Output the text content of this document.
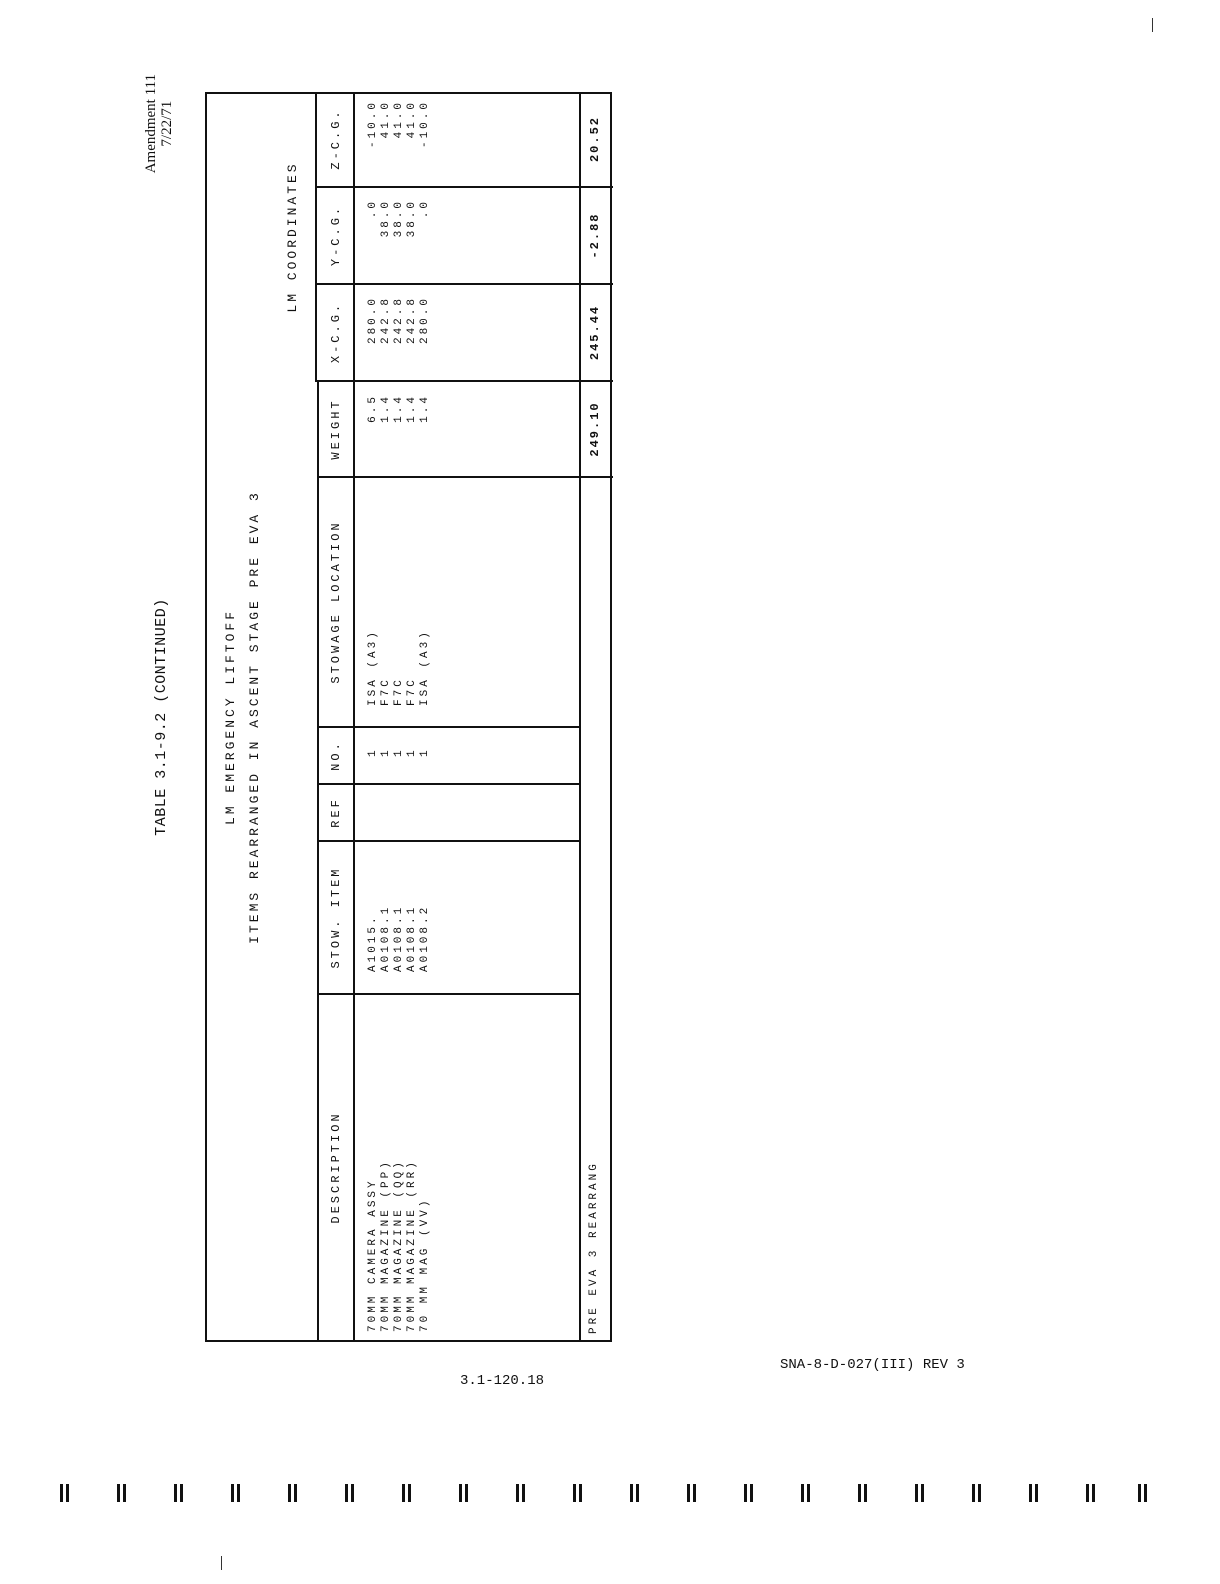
TABLE 3.1-9.2 (CONTINUED)
Amendment 111 7/22/71
LM EMERGENCY LIFTOFF ITEMS REARRANGED IN ASCENT STAGE PRE EVA 3
LM COORDINATES
DESCRIPTION
STOW. ITEM
REF
NO.
STOWAGE LOCATION
WEIGHT
X-C.G.
Y-C.G.
Z-C.G.
70MM CAMERA ASSY
A1015.
1
ISA (A3)
6.5
280.0
.0
-10.0
70MM MAGAZINE (PP)
A0108.1
1
F7C
1.4
242.8
38.0
41.0
70MM MAGAZINE (QQ)
A0108.1
1
F7C
1.4
242.8
38.0
41.0
70MM MAGAZINE (RR)
A0108.1
1
F7C
1.4
242.8
38.0
41.0
70 MM MAG (VV)
A0108.2
1
ISA (A3)
1.4
280.0
.0
-10.0
PRE EVA 3 REARRANG
249.10
245.44
-2.88
20.52
SNA-8-D-027(III) REV 3
3.1-120.18
